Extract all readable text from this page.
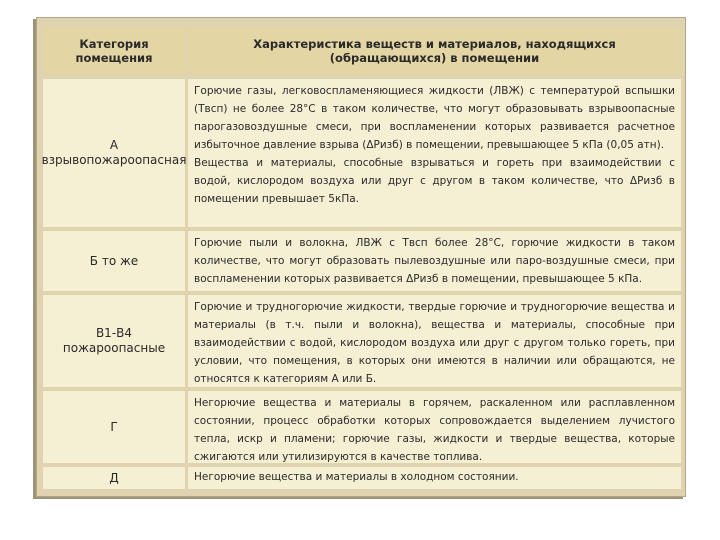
Категория помещения
Характеристика веществ и материалов, находящихся (обращающихся) в помещении
А
взрывопожароопасная

Горючие газы, легковоспламеняющиеся жидкости (ЛВЖ) с температурой вспышки (Tвсп) не более 28°С в таком количестве, что могут образовывать взрывоопасные парогазовоздушные смеси, при воспламенении которых развивается расчетное избыточное давление взрыва (ΔPизб) в помещении, превышающее 5 кПа (0,05 атн).

Вещества и материалы, способные взрываться и гореть при взаимодействии с водой, кислородом воздуха или друг с другом в таком количестве, что ΔPизб в помещении превышает 5кПа.

Б то же

Горючие пыли и волокна, ЛВЖ с Tвсп более 28°С, горючие жидкости в таком количестве, что могут образовать пылевоздушные или паро-воздушные смеси, при воспламенении которых развивается ΔPизб в помещении, превышающее 5 кПа.

В1-В4 пожароопасные

Горючие и трудногорючие жидкости, твердые горючие и трудногорючие вещества и материалы (в т.ч. пыли и волокна), вещества и материалы, способные при взаимодействии с водой, кислородом воздуха или друг с другом только гореть, при условии, что помещения, в которых они имеются в наличии или обращаются, не относятся к категориям А или Б.

Г

Негорючие вещества и материалы в горячем, раскаленном или расплавленном состоянии, процесс обработки которых сопровождается выделением лучистого тепла, искр и пламени; горючие газы, жидкости и твердые вещества, которые сжигаются или утилизируются в качестве топлива.

Д	Негорючие вещества и материалы в холодном состоянии.
